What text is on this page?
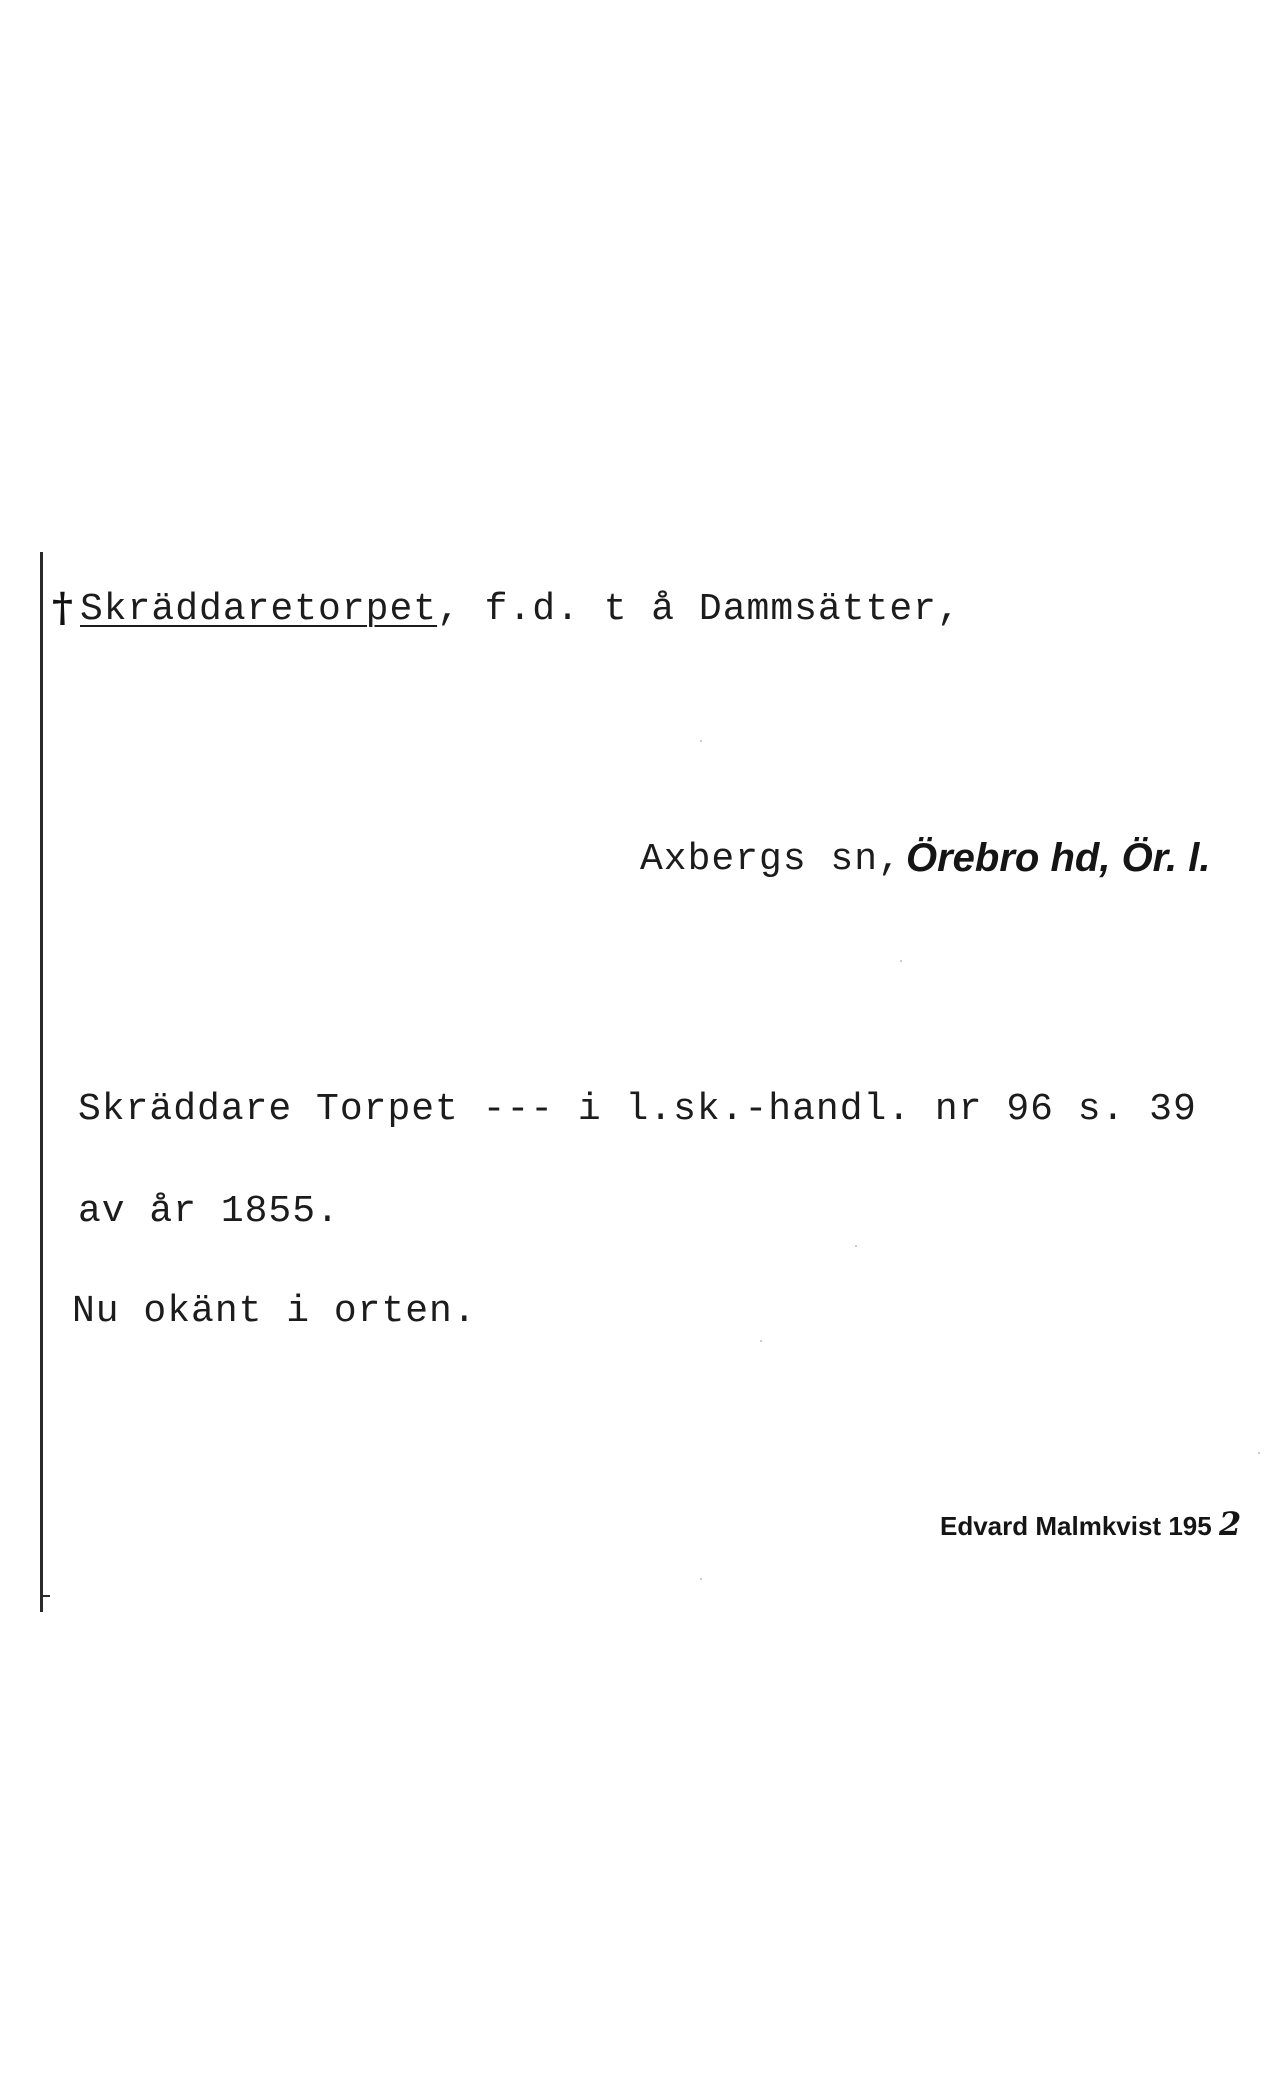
† Skräddaretorpet, f.d. t å Dammsätter,
Axbergs sn, Örebro hd, Ör. l.
Skräddare Torpet --- i l.sk.-handl. nr 96 s. 39
av år 1855.
Nu okänt i orten.
Edvard Malmkvist 195 2
